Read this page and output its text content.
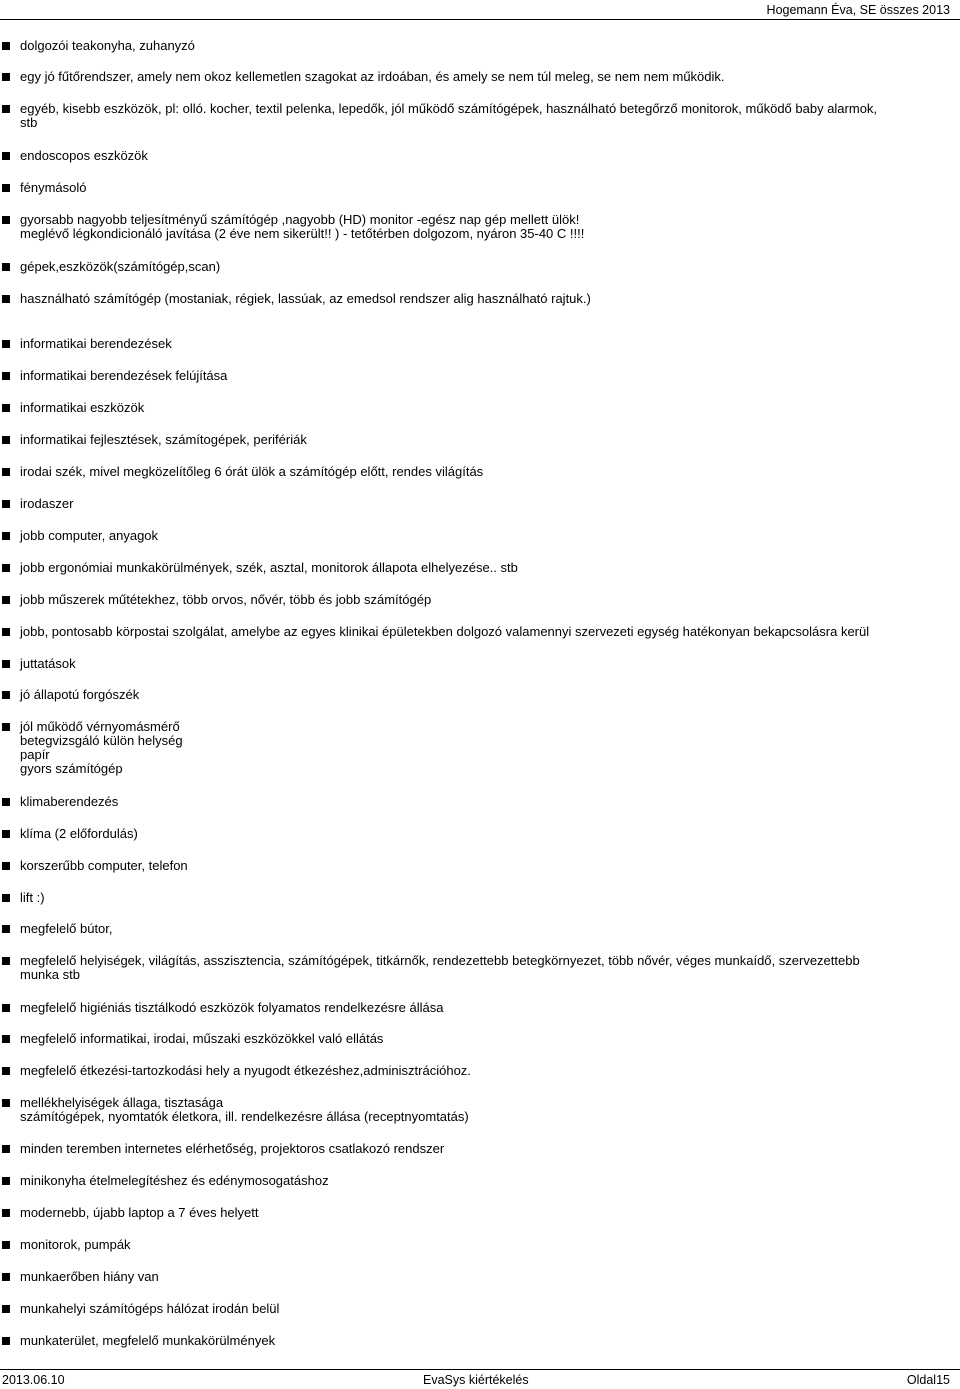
Hogemann Éva, SE összes 2013
dolgozói teakonyha, zuhanyzó
egy jó fűtőrendszer, amely nem okoz kellemetlen szagokat az irdoában, és amely se nem túl meleg, se nem nem működik.
egyéb, kisebb eszközök, pl: olló. kocher, textil pelenka, lepedők, jól működő számítógépek, használható betegőrző monitorok, működő baby alarmok,
stb
endoscopos eszközök
fénymásoló
gyorsabb nagyobb teljesítményű számítógép ,nagyobb (HD) monitor -egész nap gép mellett ülök!
meglévő légkondicionáló javítása (2 éve nem sikerült!! ) - tetőtérben dolgozom, nyáron 35-40 C !!!!
gépek,eszközök(számítógép,scan)
használható számítógép (mostaniak, régiek, lassúak, az emedsol rendszer alig használható rajtuk.)
informatikai berendezések
informatikai berendezések felújítása
informatikai eszközök
informatikai fejlesztések, számítogépek, perifériák
irodai szék, mivel megközelítőleg 6 órát ülök a számítógép előtt, rendes világítás
irodaszer
jobb computer, anyagok
jobb ergonómiai munkakörülmények, szék, asztal, monitorok állapota elhelyezése.. stb
jobb műszerek műtétekhez, több orvos, nővér, több és jobb számítógép
jobb, pontosabb körpostai szolgálat, amelybe az egyes klinikai épületekben dolgozó valamennyi szervezeti egység hatékonyan bekapcsolásra kerül
juttatások
jó állapotú forgószék
jól működő vérnyomásmérő
betegvizsgáló külön helység
papír
gyors számítógép
klimaberendezés
klíma (2 előfordulás)
korszerűbb computer, telefon
lift :)
megfelelő bútor,
megfelelő helyiségek, világítás, asszisztencia, számítógépek, titkárnők, rendezettebb betegkörnyezet, több nővér, véges munkaídő, szervezettebb
munka stb
megfelelő higiéniás tisztálkodó eszközök folyamatos rendelkezésre állása
megfelelő informatikai, irodai, műszaki eszközökkel való ellátás
megfelelő étkezési-tartozkodási hely a nyugodt étkezéshez,adminisztrációhoz.
mellékhelyiségek állaga, tisztasága
számítógépek, nyomtatók életkora, ill. rendelkezésre állása (receptnyomtatás)
minden teremben internetes elérhetőség, projektoros csatlakozó rendszer
minikonyha ételmelegítéshez és edénymosogatáshoz
modernebb, újabb laptop a 7 éves helyett
monitorok, pumpák
munkaerőben hiány van
munkahelyi számítógéps hálózat irodán belül
munkaterület, megfelelő munkakörülmények
2013.06.10	EvaSys kiértékelés	Oldal15
